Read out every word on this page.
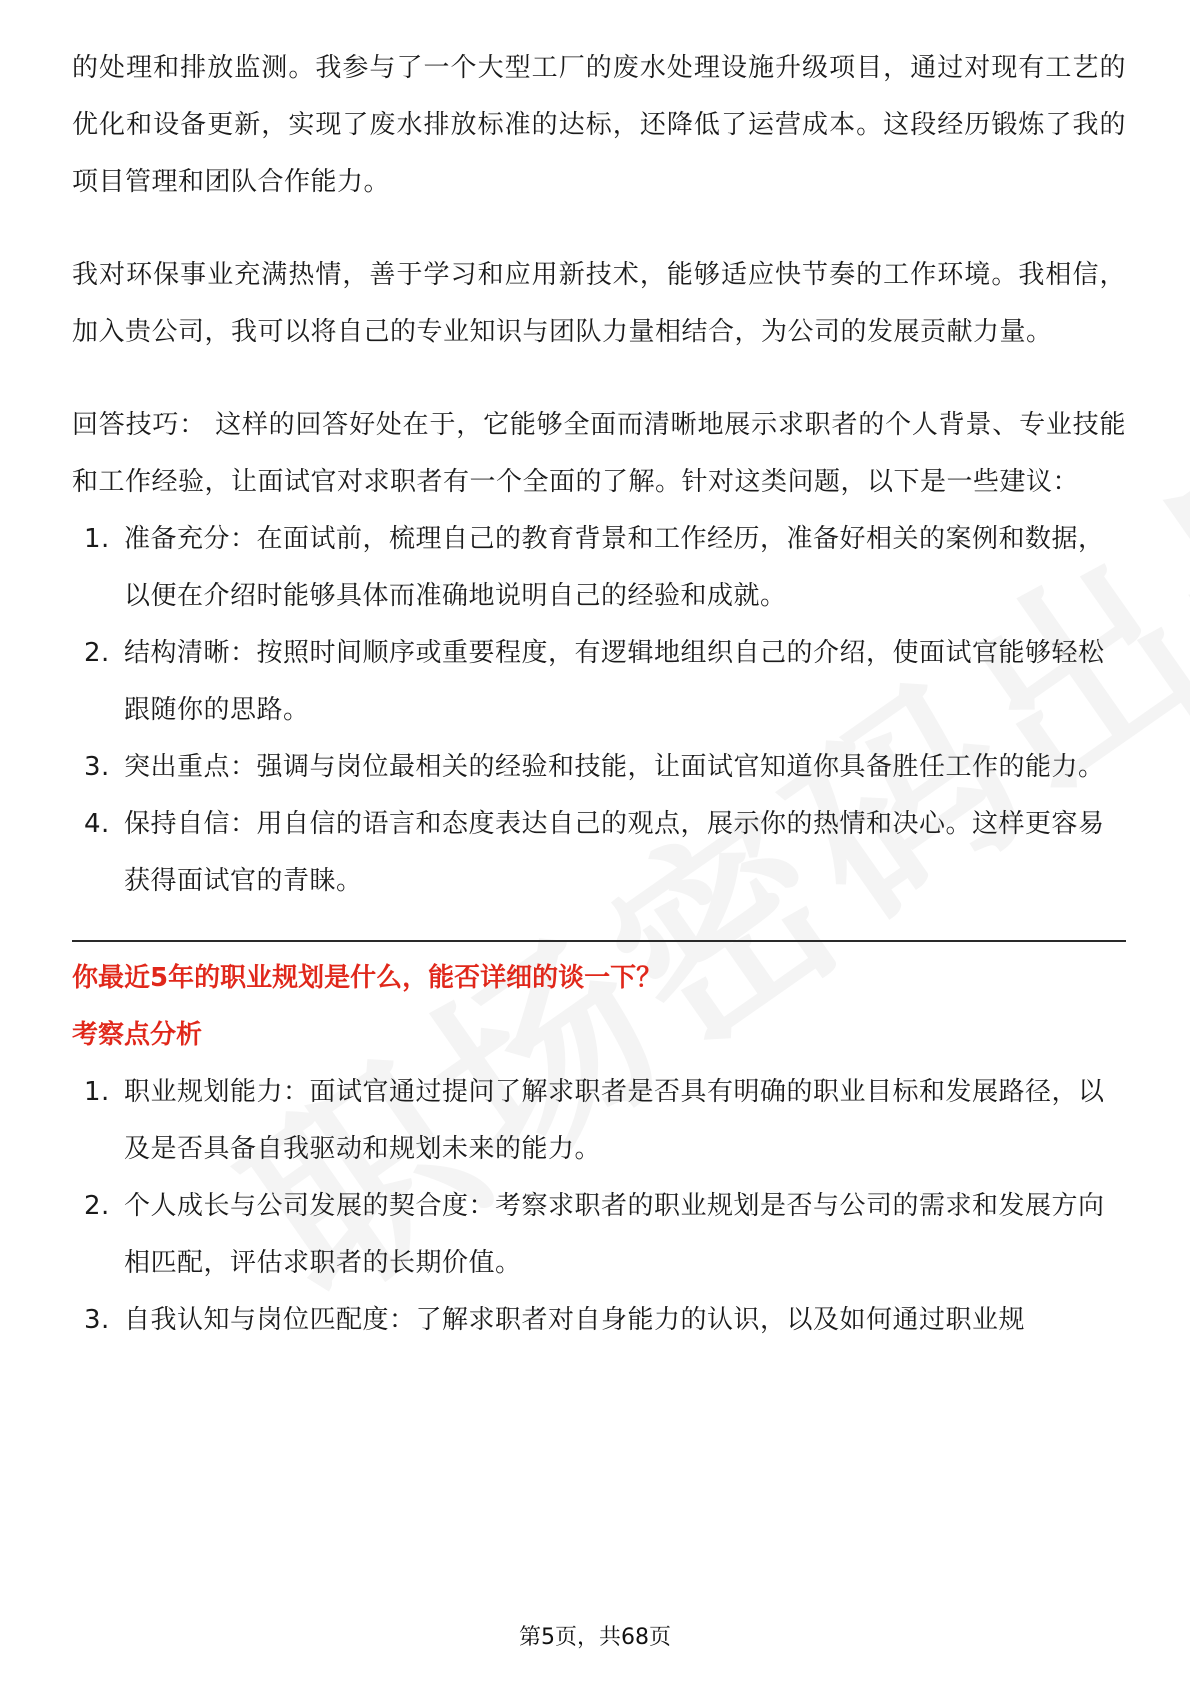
的处理和排放监测。我参与了一个大型工厂的废水处理设施升级项目，通过对现有工艺的优化和设备更新，实现了废水排放标准的达标，还降低了运营成本。这段经历锻炼了我的项目管理和团队合作能力。

我对环保事业充满热情，善于学习和应用新技术，能够适应快节奏的工作环境。我相信，加入贵公司，我可以将自己的专业知识与团队力量相结合，为公司的发展贡献力量。

回答技巧： 这样的回答好处在于，它能够全面而清晰地展示求职者的个人背景、专业技能和工作经验，让面试官对求职者有一个全面的了解。针对这类问题，以下是一些建议：

1. 准备充分：在面试前，梳理自己的教育背景和工作经历，准备好相关的案例和数据，以便在介绍时能够具体而准确地说明自己的经验和成就。
2. 结构清晰：按照时间顺序或重要程度，有逻辑地组织自己的介绍，使面试官能够轻松跟随你的思路。
3. 突出重点：强调与岗位最相关的经验和技能，让面试官知道你具备胜任工作的能力。
4. 保持自信：用自信的语言和态度表达自己的观点，展示你的热情和决心。这样更容易获得面试官的青睐。

你最近5年的职业规划是什么，能否详细的谈一下？

考察点分析

1. 职业规划能力：面试官通过提问了解求职者是否具有明确的职业目标和发展路径，以及是否具备自我驱动和规划未来的能力。
2. 个人成长与公司发展的契合度：考察求职者的职业规划是否与公司的需求和发展方向相匹配，评估求职者的长期价值。
3. 自我认知与岗位匹配度：了解求职者对自身能力的认识，以及如何通过职业规
第5页，共68页
